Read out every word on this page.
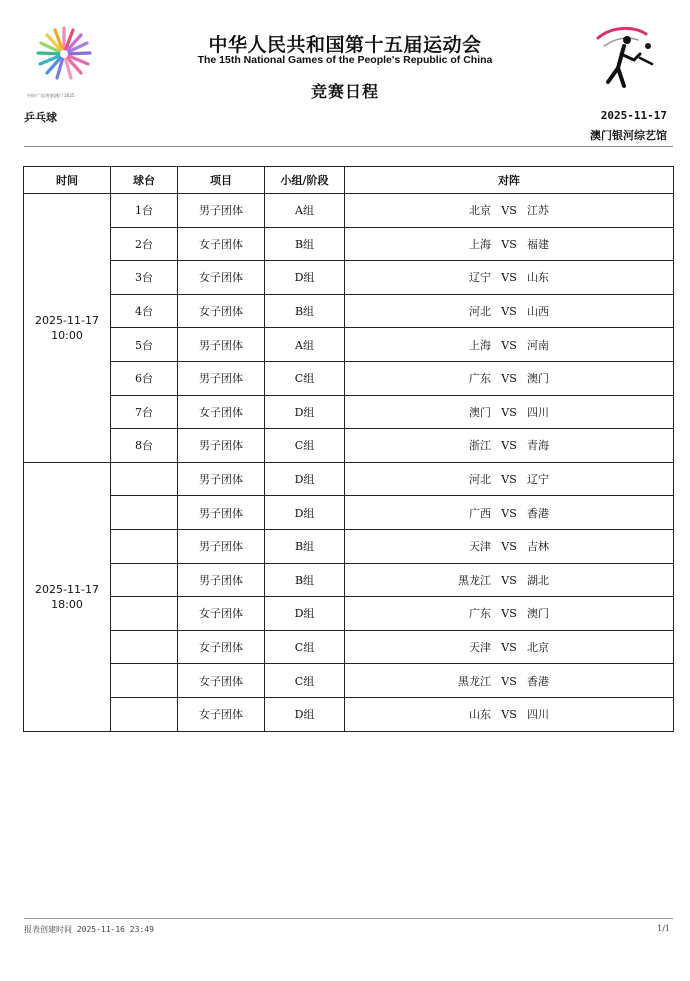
中国·广东|香港|澳门 2025
中华人民共和国第十五届运动会
The 15th National Games of the People's Republic of China
竞赛日程
乒乓球	2025-11-17
澳门银河综艺馆
时间	球台	项目	小组/阶段	对阵
2025-11-17
10:00	1台	男子团体	A组	北京 VS 江苏
	2台	女子团体	B组	上海 VS 福建
	3台	女子团体	D组	辽宁 VS 山东
	4台	女子团体	B组	河北 VS 山西
	5台	男子团体	A组	上海 VS 河南
	6台	男子团体	C组	广东 VS 澳门
	7台	女子团体	D组	澳门 VS 四川
	8台	男子团体	C组	浙江 VS 青海
2025-11-17
18:00		男子团体	D组	河北 VS 辽宁
		男子团体	D组	广西 VS 香港
		男子团体	B组	天津 VS 吉林
		男子团体	B组	黑龙江 VS 湖北
		女子团体	D组	广东 VS 澳门
		女子团体	C组	天津 VS 北京
		女子团体	C组	黑龙江 VS 香港
		女子团体	D组	山东 VS 四川
报表创建时间 2025-11-16 23:49	1/1
